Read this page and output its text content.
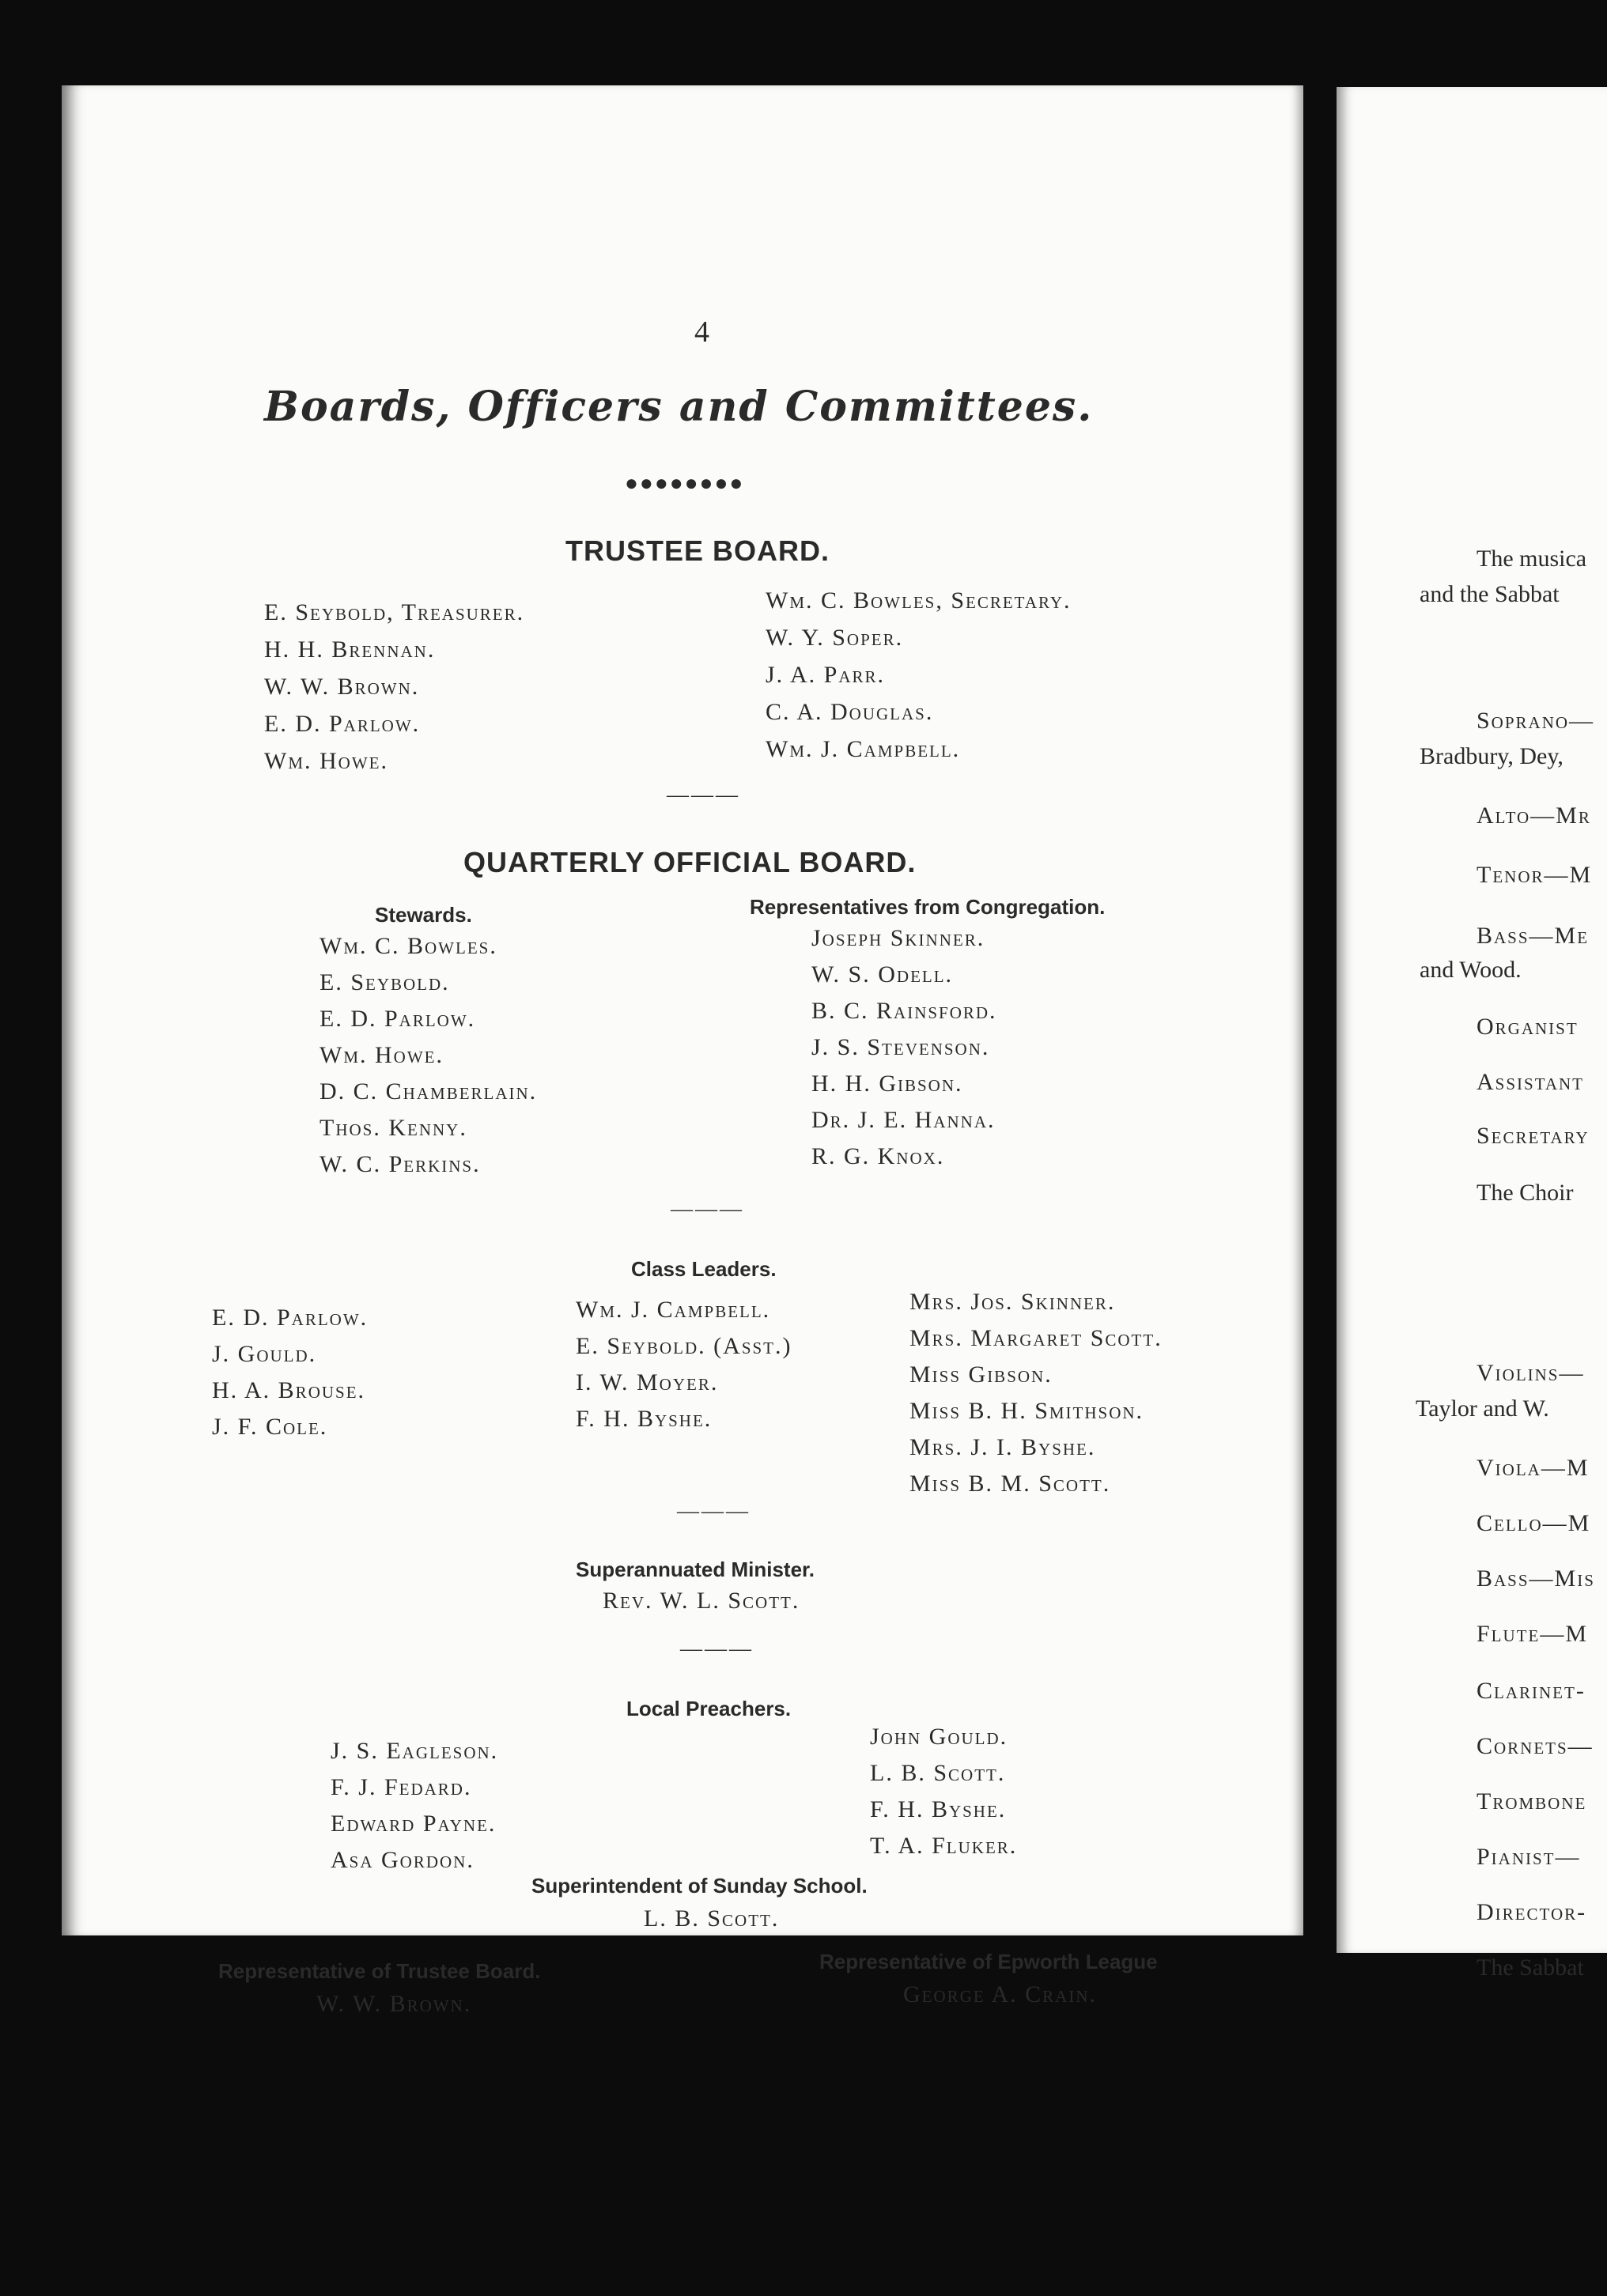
4
Boards, Officers and Committees.
●●●●●●●●
TRUSTEE BOARD.
E. Seybold, Treasurer.
H. H. Brennan.
W. W. Brown.
E. D. Parlow.
Wm. Howe.
Wm. C. Bowles, Secretary.
W. Y. Soper.
J. A. Parr.
C. A. Douglas.
Wm. J. Campbell.
———
QUARTERLY OFFICIAL BOARD.
Stewards.	Representatives from Congregation.
Wm. C. Bowles.
E. Seybold.
E. D. Parlow.
Wm. Howe.
D. C. Chamberlain.
Thos. Kenny.
W. C. Perkins.
Joseph Skinner.
W. S. Odell.
B. C. Rainsford.
J. S. Stevenson.
H. H. Gibson.
Dr. J. E. Hanna.
R. G. Knox.
———
Class Leaders.
E. D. Parlow.
J. Gould.
H. A. Brouse.
J. F. Cole.
Wm. J. Campbell.
E. Seybold. (Asst.)
I. W. Moyer.
F. H. Byshe.
Mrs. Jos. Skinner.
Mrs. Margaret Scott.
Miss Gibson.
Miss B. H. Smithson.
Mrs. J. I. Byshe.
Miss B. M. Scott.
———
Superannuated Minister.
Rev. W. L. Scott.
———
Local Preachers.
J. S. Eagleson.
F. J. Fedard.
Edward Payne.
Asa Gordon.
John Gould.
L. B. Scott.
F. H. Byshe.
T. A. Fluker.
Superintendent of Sunday School.
L. B. Scott.
Representative of Trustee Board.
W. W. Brown.
Representative of Epworth League
George A. Crain.
The musica
and the Sabbat
Soprano—
Bradbury, Dey,
Alto—Mr
Tenor—M
Bass—Me
and Wood.
Organist
Assistant
Secretary
The Choir
Violins—
Taylor and W.
Viola—M
Cello—M
Bass—Mis
Flute—M
Clarinet-
Cornets—
Trombone
Pianist—
Director-
The Sabbat
